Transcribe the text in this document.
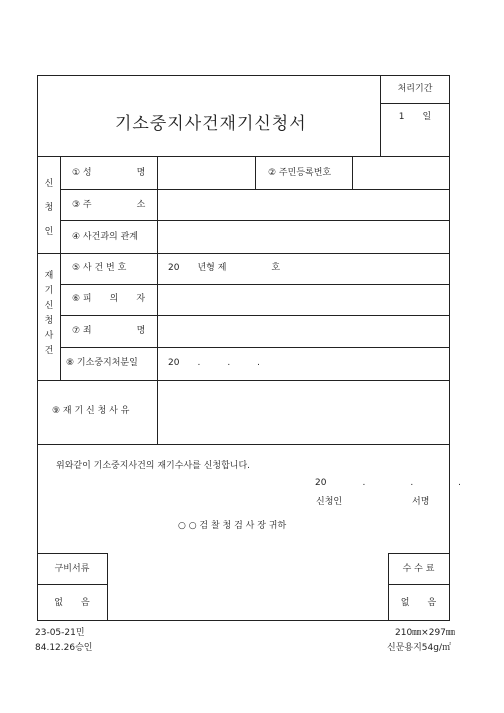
처리기간
1　　일
기소중지사건재기신청서
신청인
① 성　　　　　명	② 주민등록번호
③ 주　　　　　소
④ 사건과의 관계
재기신청사건
⑤ 사 건 번 호	20　　년형 제　　　　　호
⑥ 피　　의　　자
⑦ 죄　　　　　명
⑧ 기소중지처분일	20　　.　　　.　　　.
⑨ 재 기 신 청 사 유
위와같이 기소중지사건의 재기수사를 신청합니다.
20　　　　.　　　　　.　　　　　.
신청인	서명
○ ○ 검 찰 청 검 사 장 귀하
구비서류
없　　음
수 수 료
없　　음
23-05-21민
84.12.26승인
210㎜×297㎜
신문용지54g/㎡
